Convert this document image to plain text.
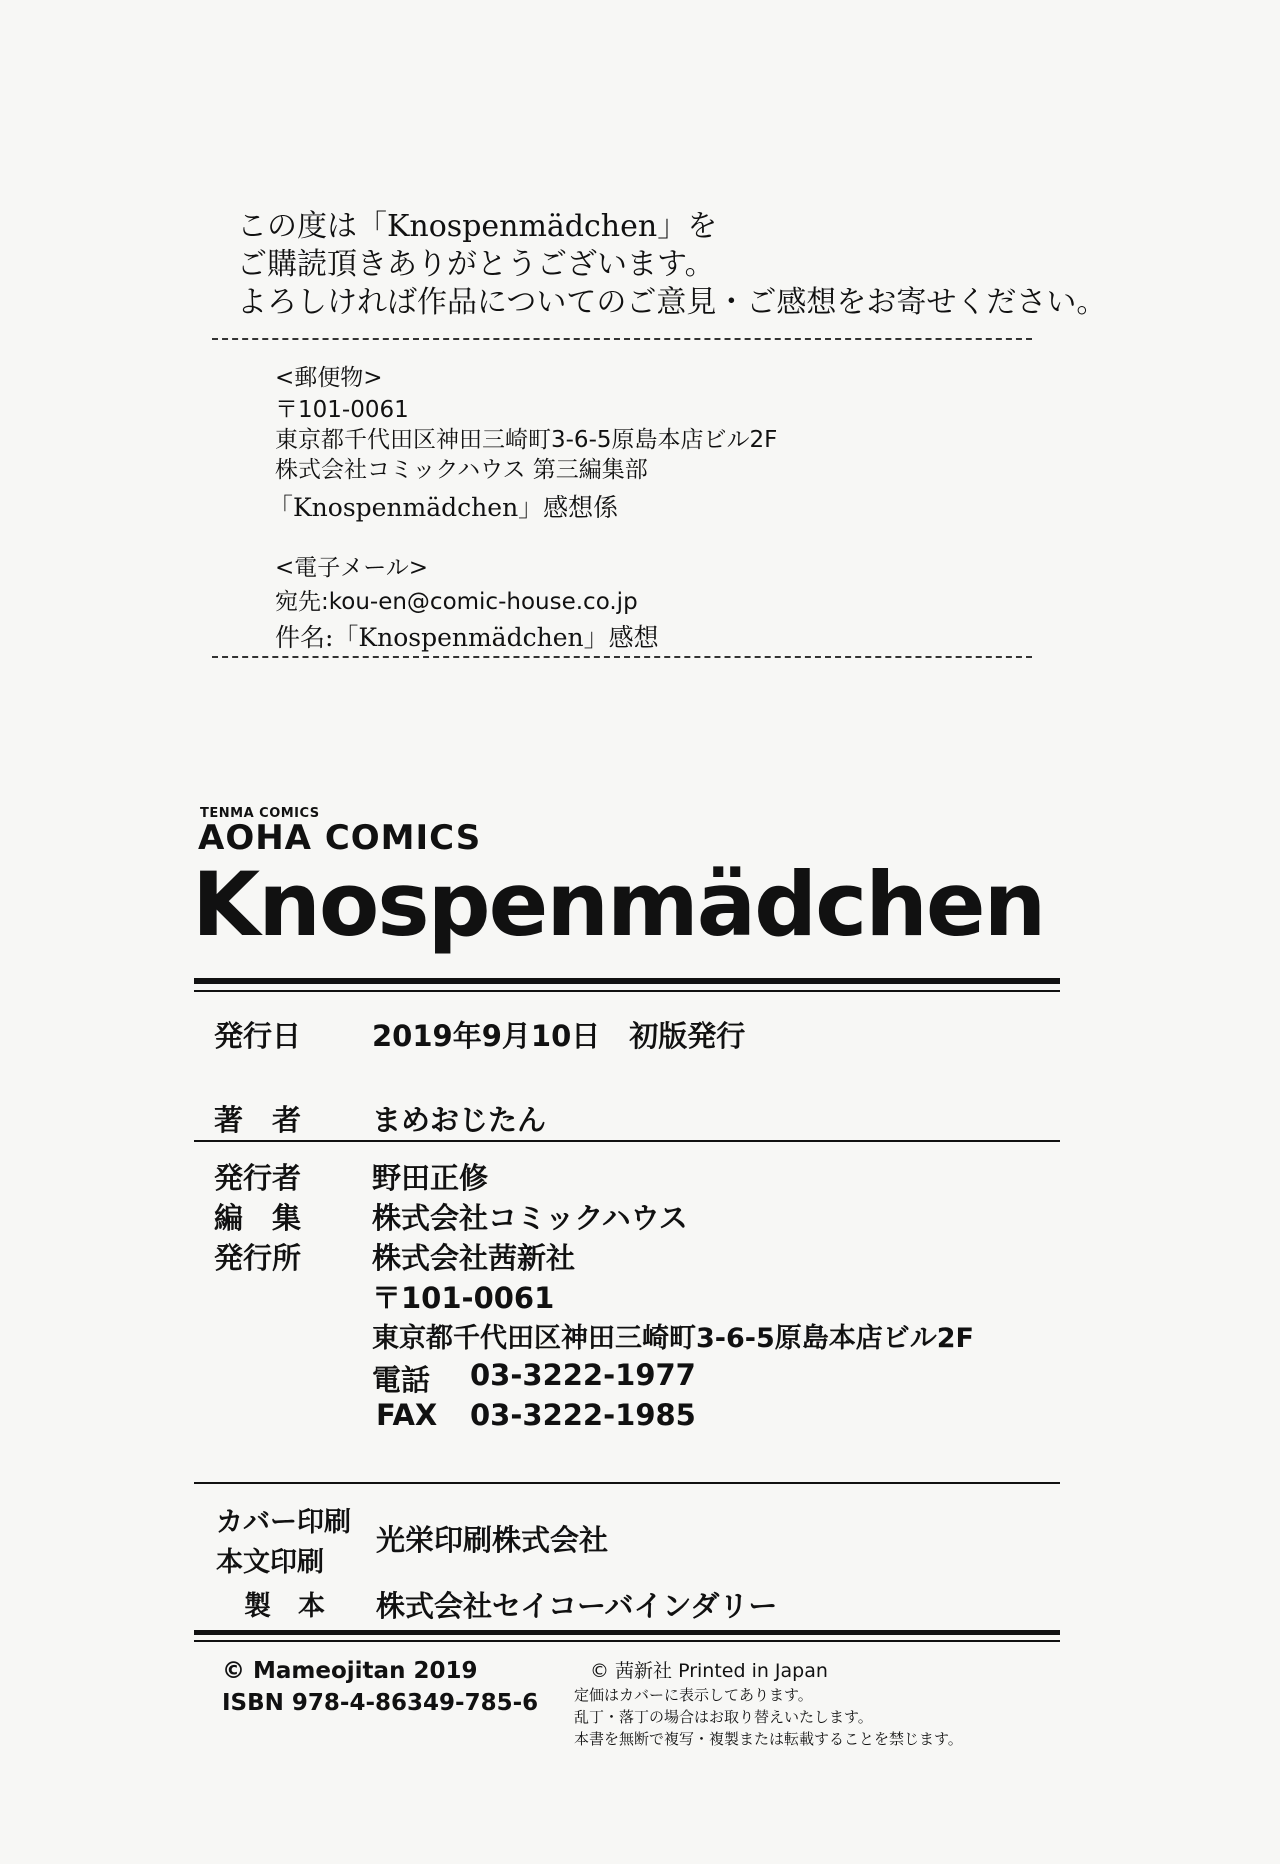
この度は「Knospenmädchen」を
ご購読頂きありがとうございます。
よろしければ作品についてのご意見・ご感想をお寄せください。
<郵便物>
〒101-0061
東京都千代田区神田三崎町3-6-5原島本店ビル2F
株式会社コミックハウス 第三編集部
「Knospenmädchen」感想係
<電子メール>
宛先:kou-en@comic-house.co.jp
件名:「Knospenmädchen」感想
TENMA COMICS
AOHA COMICS
Knospenmädchen
発行日 2019年9月10日　初版発行
著　者 まめおじたん
発行者 野田正修
編　集 株式会社コミックハウス
発行所 株式会社茜新社
〒101-0061
東京都千代田区神田三崎町3-6-5原島本店ビル2F
電話 03-3222-1977
FAX 03-3222-1985
カバー印刷
本文印刷
光栄印刷株式会社
製　本 株式会社セイコーバインダリー
© Mameojitan 2019
ISBN 978-4-86349-785-6
© 茜新社 Printed in Japan
定価はカバーに表示してあります。
乱丁・落丁の場合はお取り替えいたします。
本書を無断で複写・複製または転載することを禁じます。
